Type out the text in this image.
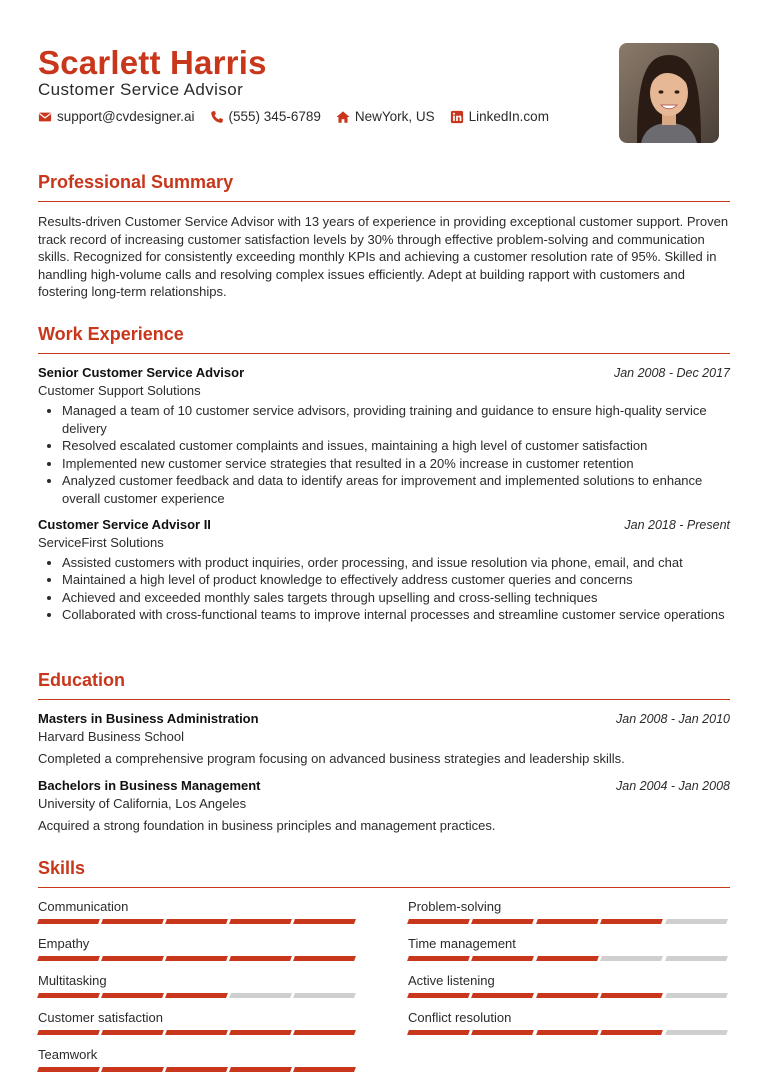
Scarlett Harris
Customer Service Advisor
support@cvdesigner.ai	(555) 345-6789	NewYork, US	LinkedIn.com
Professional Summary
Results-driven Customer Service Advisor with 13 years of experience in providing exceptional customer support. Proven track record of increasing customer satisfaction levels by 30% through effective problem-solving and communication skills. Recognized for consistently exceeding monthly KPIs and achieving a customer resolution rate of 95%. Skilled in handling high-volume calls and resolving complex issues efficiently. Adept at building rapport with customers and fostering long-term relationships.
Work Experience
Senior Customer Service Advisor	Jan 2008 - Dec 2017
Customer Support Solutions
Managed a team of 10 customer service advisors, providing training and guidance to ensure high-quality service delivery
Resolved escalated customer complaints and issues, maintaining a high level of customer satisfaction
Implemented new customer service strategies that resulted in a 20% increase in customer retention
Analyzed customer feedback and data to identify areas for improvement and implemented solutions to enhance overall customer experience
Customer Service Advisor II	Jan 2018 - Present
ServiceFirst Solutions
Assisted customers with product inquiries, order processing, and issue resolution via phone, email, and chat
Maintained a high level of product knowledge to effectively address customer queries and concerns
Achieved and exceeded monthly sales targets through upselling and cross-selling techniques
Collaborated with cross-functional teams to improve internal processes and streamline customer service operations
Education
Masters in Business Administration	Jan 2008 - Jan 2010
Harvard Business School
Completed a comprehensive program focusing on advanced business strategies and leadership skills.
Bachelors in Business Management	Jan 2004 - Jan 2008
University of California, Los Angeles
Acquired a strong foundation in business principles and management practices.
Skills
Communication	Problem-solving
Empathy	Time management
Multitasking	Active listening
Customer satisfaction	Conflict resolution
Teamwork
